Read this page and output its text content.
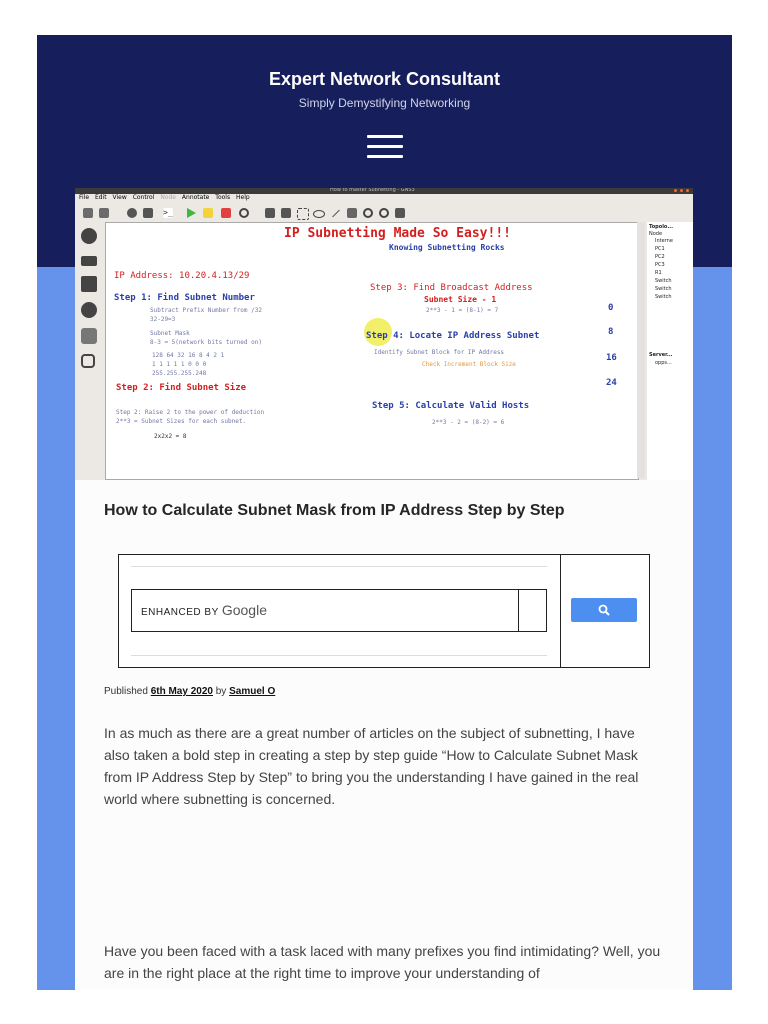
Expert Network Consultant
Simply Demystifying Networking
How to master Subnetting - GNS3	● ● ●
File Edit View Control Node Annotate Tools Help
>_
IP Subnetting Made So Easy!!!
Knowing Subnetting Rocks
IP Address: 10.20.4.13/29
Step 1: Find Subnet Number
Subtract Prefix Number from /32
32-29=3
Subnet Mask
8-3 = 5(network bits turned on)
128 64 32 16 8 4 2 1
1 1 1 1 1 0 0 0
255.255.255.248
Step 2: Find Subnet Size
Step 2: Raise 2 to the power of deduction
2**3 = Subnet Sizes for each subnet.
2x2x2 = 8
Step 3: Find Broadcast Address
Subnet Size - 1
2**3 - 1 = (8-1) = 7
Step 4: Locate IP Address Subnet
Identify Subnet Block for IP Address
Check Increment Block Size
Step 5: Calculate Valid Hosts
2**3 - 2 = (8-2) = 6
0
8
16
24
Topolo...
Node
Interne
PC1
PC2
PC3
R1
Switch
Switch
Switch
Server...
opps...
How to Calculate Subnet Mask from IP Address Step by Step
ENHANCED BY Google
Published 6th May 2020 by Samuel O
In as much as there are a great number of articles on the subject of subnetting, I have also taken a bold step in creating a step by step guide “How to Calculate Subnet Mask from IP Address Step by Step” to bring you the understanding I have gained in the real world where subnetting is concerned.
Have you been faced with a task laced with many prefixes you find intimidating? Well, you are in the right place at the right time to improve your understanding of
